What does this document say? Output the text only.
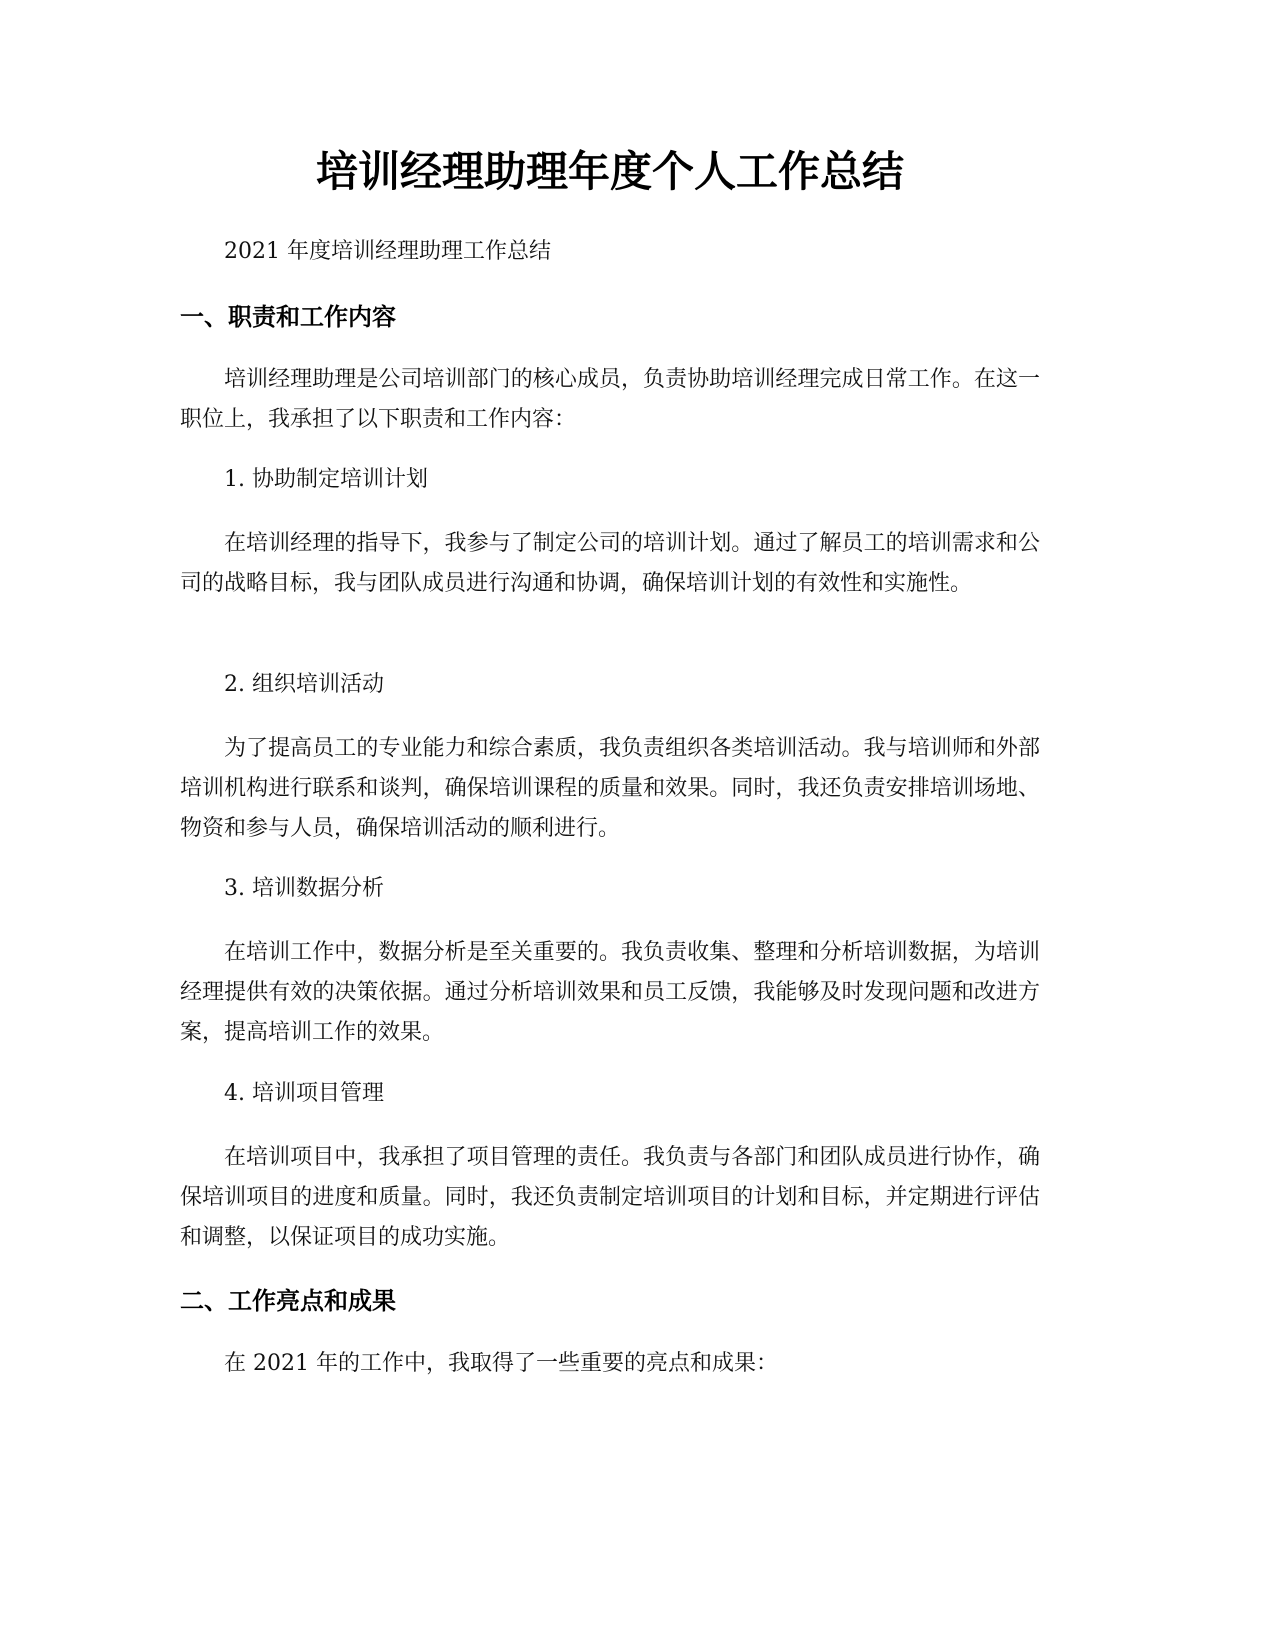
培训经理助理年度个人工作总结

2021 年度培训经理助理工作总结

一、职责和工作内容

培训经理助理是公司培训部门的核心成员，负责协助培训经理完成日常工作。在这一职位上，我承担了以下职责和工作内容：

1. 协助制定培训计划

在培训经理的指导下，我参与了制定公司的培训计划。通过了解员工的培训需求和公司的战略目标，我与团队成员进行沟通和协调，确保培训计划的有效性和实施性。

2. 组织培训活动

为了提高员工的专业能力和综合素质，我负责组织各类培训活动。我与培训师和外部培训机构进行联系和谈判，确保培训课程的质量和效果。同时，我还负责安排培训场地、物资和参与人员，确保培训活动的顺利进行。

3. 培训数据分析

在培训工作中，数据分析是至关重要的。我负责收集、整理和分析培训数据，为培训经理提供有效的决策依据。通过分析培训效果和员工反馈，我能够及时发现问题和改进方案，提高培训工作的效果。

4. 培训项目管理

在培训项目中，我承担了项目管理的责任。我负责与各部门和团队成员进行协作，确保培训项目的进度和质量。同时，我还负责制定培训项目的计划和目标，并定期进行评估和调整，以保证项目的成功实施。

二、工作亮点和成果

在 2021 年的工作中，我取得了一些重要的亮点和成果：
